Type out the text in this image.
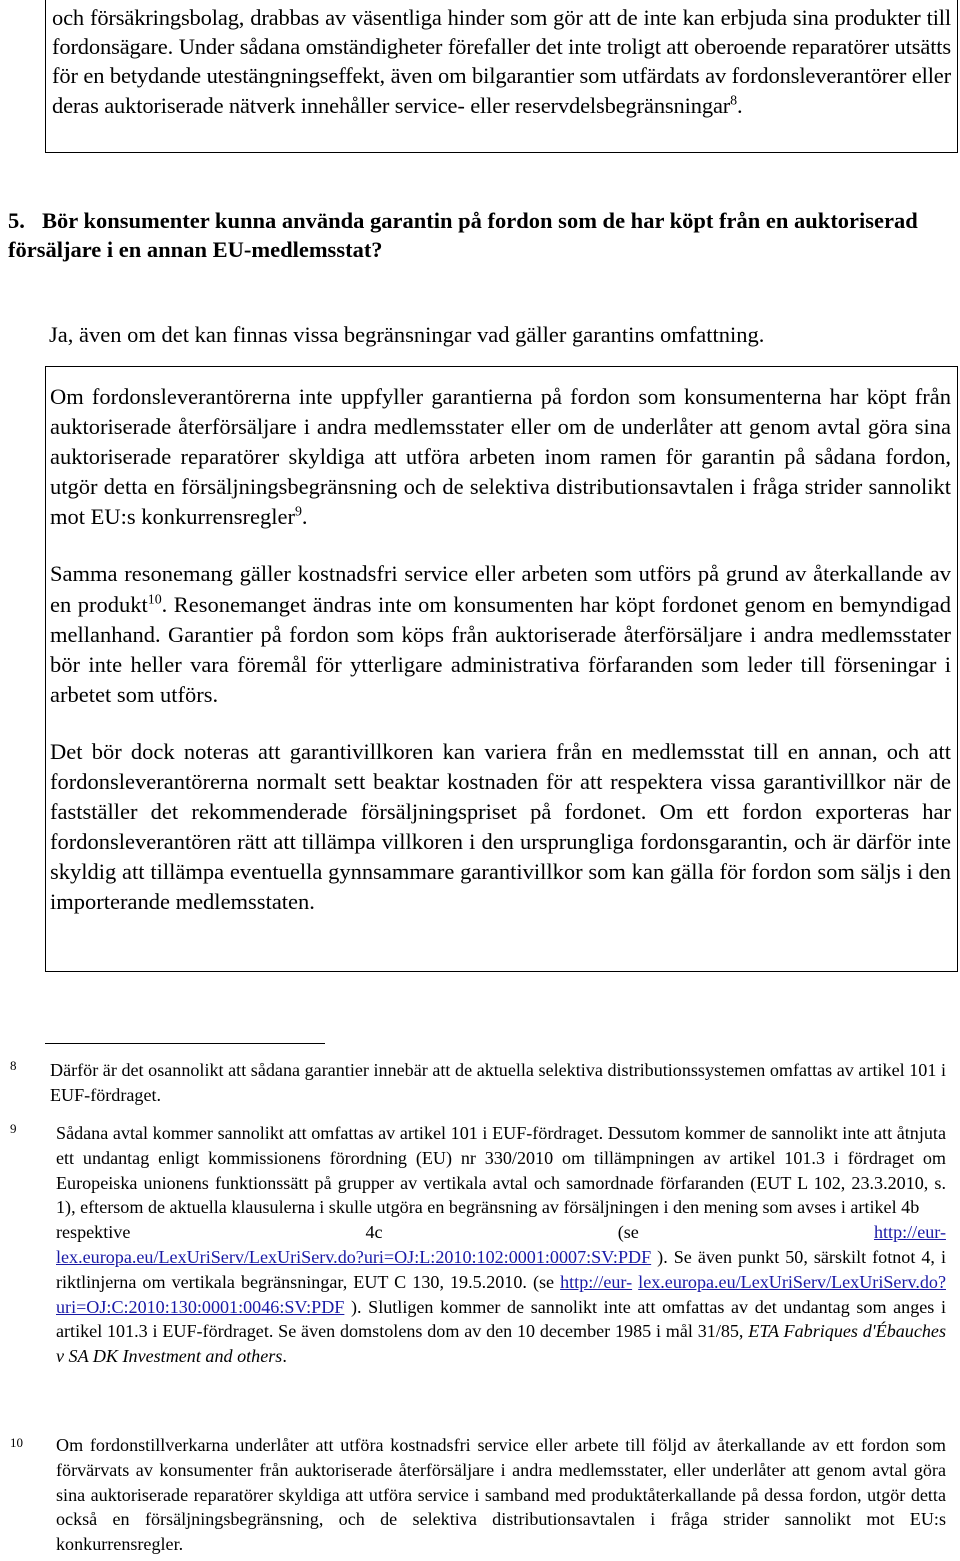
och försäkringsbolag, drabbas av väsentliga hinder som gör att de inte kan erbjuda sina produkter till fordonsägare. Under sådana omständigheter förefaller det inte troligt att oberoende reparatörer utsätts för en betydande utestängningseffekt, även om bilgarantier som utfärdats av fordonsleverantörer eller deras auktoriserade nätverk innehåller service- eller reservdelsbegränsningar$^8$.

5. Bör konsumenter kunna använda garantin på fordon som de har köpt från en auktoriserad försäljare i en annan EU-medlemsstat?

Ja, även om det kan finnas vissa begränsningar vad gäller garantins omfattning.

Om fordonsleverantörerna inte uppfyller garantierna på fordon som konsumenterna har köpt från auktoriserade återförsäljare i andra medlemsstater eller om de underlåter att genom avtal göra sina auktoriserade reparatörer skyldiga att utföra arbeten inom ramen för garantin på sådana fordon, utgör detta en försäljningsbegränsning och de selektiva distributionsavtalen i fråga strider sannolikt mot EU:s konkurrensregler$^9$.

Samma resonemang gäller kostnadsfri service eller arbeten som utförs på grund av återkallande av en produkt$^{10}$. Resonemanget ändras inte om konsumenten har köpt fordonet genom en bemyndigad mellanhand. Garantier på fordon som köps från auktoriserade återförsäljare i andra medlemsstater bör inte heller vara föremål för ytterligare administrativa förfaranden som leder till förseningar i arbetet som utförs.

Det bör dock noteras att garantivillkoren kan variera från en medlemsstat till en annan, och att fordonsleverantörerna normalt sett beaktar kostnaden för att respektera vissa garantivillkor när de fastställer det rekommenderade försäljningspriset på fordonet. Om ett fordon exporteras har fordonsleverantören rätt att tillämpa villkoren i den ursprungliga fordonsgarantin, och är därför inte skyldig att tillämpa eventuella gynnsammare garantivillkor som kan gälla för fordon som säljs i den importerande medlemsstaten.

8 Därför är det osannolikt att sådana garantier innebär att de aktuella selektiva distributionssystemen omfattas av artikel 101 i EUF-fördraget.

9 Sådana avtal kommer sannolikt att omfattas av artikel 101 i EUF-fördraget. Dessutom kommer de sannolikt inte att åtnjuta ett undantag enligt kommissionens förordning (EU) nr 330/2010 om tillämpningen av artikel 101.3 i fördraget om Europeiska unionens funktionssätt på grupper av vertikala avtal och samordnade förfaranden (EUT L 102, 23.3.2010, s. 1), eftersom de aktuella klausulerna i skulle utgöra en begränsning av försäljningen i den mening som avses i artikel 4b
respektive	4c	(se	http://eur-
lex.europa.eu/LexUriServ/LexUriServ.do?uri=OJ:L:2010:102:0001:0007:SV:PDF ). Se även punkt 50, särskilt fotnot 4, i riktlinjerna om vertikala begränsningar, EUT C 130, 19.5.2010. (se http://eur- lex.europa.eu/LexUriServ/LexUriServ.do?uri=OJ:C:2010:130:0001:0046:SV:PDF ). Slutligen kommer de sannolikt inte att omfattas av det undantag som anges i artikel 101.3 i EUF-fördraget. Se även domstolens dom av den 10 december 1985 i mål 31/85, ETA Fabriques d'Ébauches v SA DK Investment and others.
10 Om fordonstillverkarna underlåter att utföra kostnadsfri service eller arbete till följd av återkallande av ett fordon som förvärvats av konsumenter från auktoriserade återförsäljare i andra medlemsstater, eller underlåter att genom avtal göra sina auktoriserade reparatörer skyldiga att utföra service i samband med produktåterkallande på dessa fordon, utgör detta också en försäljningsbegränsning, och de selektiva distributionsavtalen i fråga strider sannolikt mot EU:s konkurrensregler.
